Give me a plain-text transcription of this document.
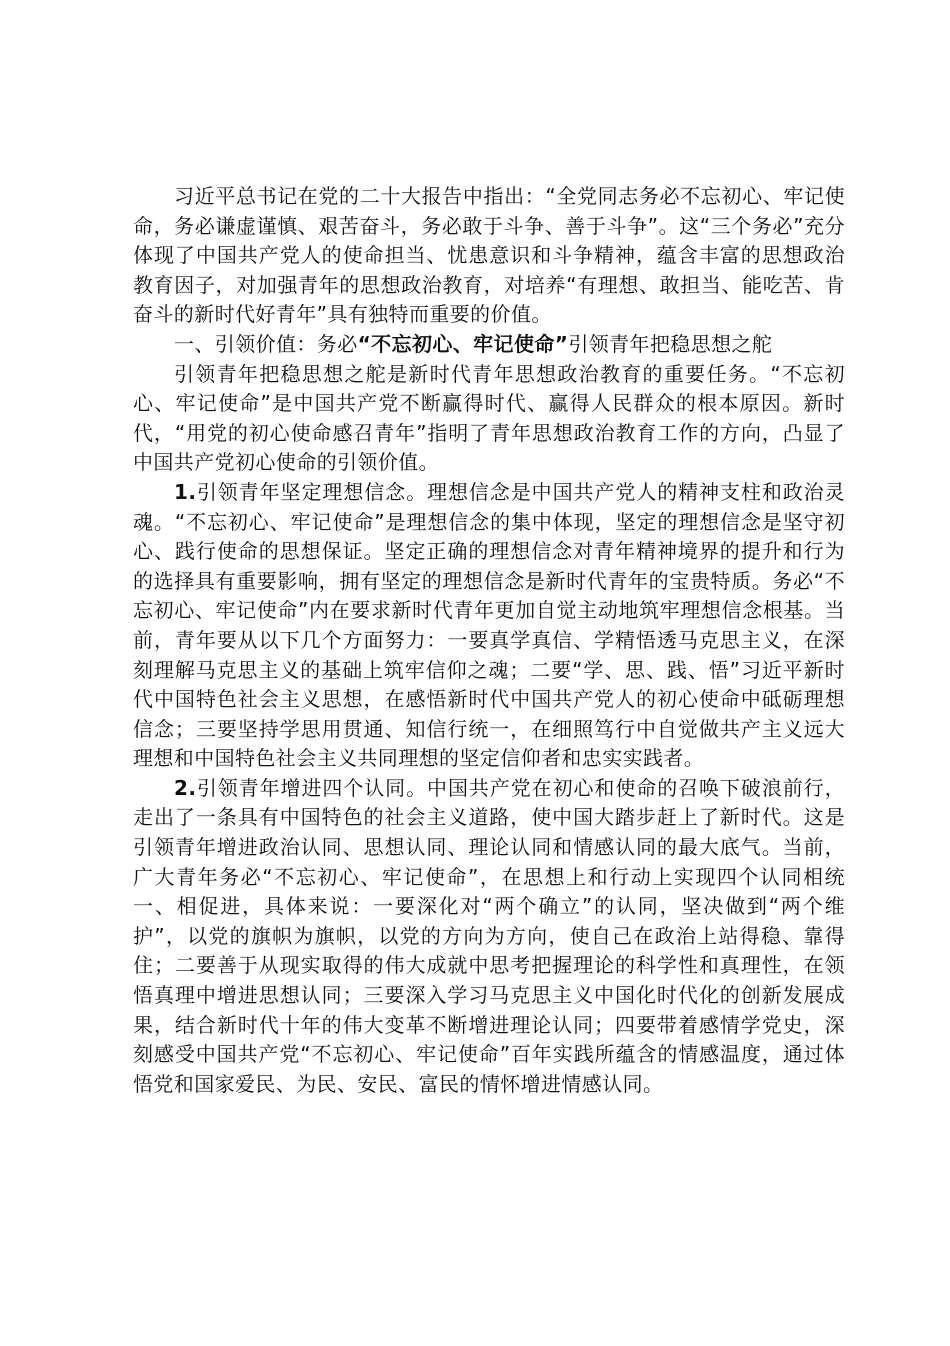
习近平总书记在党的二十大报告中指出：“全党同志务必不忘初心、牢记使命，务必谦虚谨慎、艰苦奋斗，务必敢于斗争、善于斗争”。这“三个务必”充分体现了中国共产党人的使命担当、忧患意识和斗争精神，蕴含丰富的思想政治教育因子，对加强青年的思想政治教育，对培养“有理想、敢担当、能吃苦、肯奋斗的新时代好青年”具有独特而重要的价值。

一、引领价值：务必“不忘初心、牢记使命”引领青年把稳思想之舵

引领青年把稳思想之舵是新时代青年思想政治教育的重要任务。“不忘初心、牢记使命”是中国共产党不断赢得时代、赢得人民群众的根本原因。新时代，“用党的初心使命感召青年”指明了青年思想政治教育工作的方向，凸显了中国共产党初心使命的引领价值。

1.引领青年坚定理想信念。理想信念是中国共产党人的精神支柱和政治灵魂。“不忘初心、牢记使命”是理想信念的集中体现，坚定的理想信念是坚守初心、践行使命的思想保证。坚定正确的理想信念对青年精神境界的提升和行为的选择具有重要影响，拥有坚定的理想信念是新时代青年的宝贵特质。务必“不忘初心、牢记使命”内在要求新时代青年更加自觉主动地筑牢理想信念根基。当前，青年要从以下几个方面努力：一要真学真信、学精悟透马克思主义，在深刻理解马克思主义的基础上筑牢信仰之魂；二要“学、思、践、悟”习近平新时代中国特色社会主义思想，在感悟新时代中国共产党人的初心使命中砥砺理想信念；三要坚持学思用贯通、知信行统一，在细照笃行中自觉做共产主义远大理想和中国特色社会主义共同理想的坚定信仰者和忠实实践者。

2.引领青年增进四个认同。中国共产党在初心和使命的召唤下破浪前行，走出了一条具有中国特色的社会主义道路，使中国大踏步赶上了新时代。这是引领青年增进政治认同、思想认同、理论认同和情感认同的最大底气。当前，广大青年务必“不忘初心、牢记使命”，在思想上和行动上实现四个认同相统一、相促进，具体来说：一要深化对“两个确立”的认同，坚决做到“两个维护”，以党的旗帜为旗帜，以党的方向为方向，使自己在政治上站得稳、靠得住；二要善于从现实取得的伟大成就中思考把握理论的科学性和真理性，在领悟真理中增进思想认同；三要深入学习马克思主义中国化时代化的创新发展成果，结合新时代十年的伟大变革不断增进理论认同；四要带着感情学党史，深刻感受中国共产党“不忘初心、牢记使命”百年实践所蕴含的情感温度，通过体悟党和国家爱民、为民、安民、富民的情怀增进情感认同。
